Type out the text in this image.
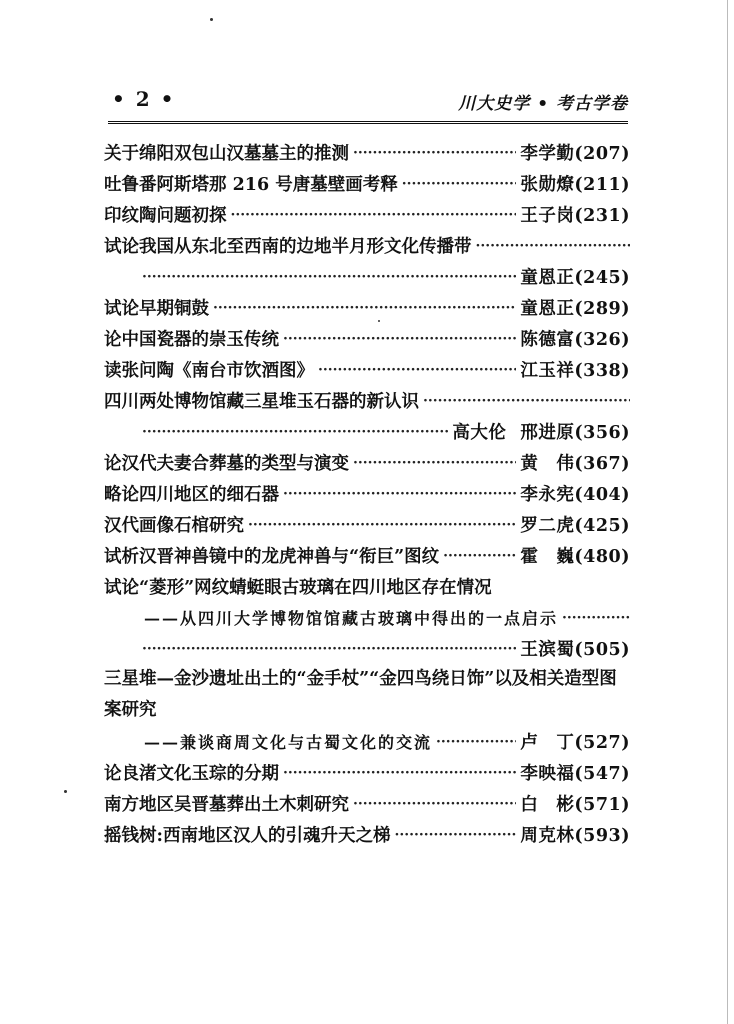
• 2 •	川大史学 • 考古学卷
关于绵阳双包山汉墓墓主的推测 ·····	李学勤(207)
吐鲁番阿斯塔那 216 号唐墓壁画考释 ·····	张勋燎(211)
印纹陶问题初探 ·····	王子岗(231)
试论我国从东北至西南的边地半月形文化传播带
·····
·····
童恩正(245)
试论早期铜鼓 ·····	童恩正(289)
论中国瓷器的崇玉传统 ·····	陈德富(326)
读张问陶《南台市饮酒图》 ·····	江玉祥(338)
四川两处博物馆藏三星堆玉石器的新认识
·····
·····
高大伦 邢进原(356)
论汉代夫妻合葬墓的类型与演变 ·····	黄　伟(367)
略论四川地区的细石器 ·····	李永宪(404)
汉代画像石棺研究 ·····	罗二虎(425)
试析汉晋神兽镜中的龙虎神兽与“衔巨”图纹 ·····	霍　巍(480)
试论“菱形”网纹蜻蜓眼古玻璃在四川地区存在情况
——从四川大学博物馆馆藏古玻璃中得出的一点启示
·····
·····
王滨蜀(505)
三星堆—金沙遗址出土的“金手杖”“金四鸟绕日饰”以及相关造型图案研究
——兼谈商周文化与古蜀文化的交流 ·····	卢　丁(527)
论良渚文化玉琮的分期 ·····	李映福(547)
南方地区吴晋墓葬出土木刺研究 ·····	白　彬(571)
摇钱树:西南地区汉人的引魂升天之梯 ·····	周克林(593)
